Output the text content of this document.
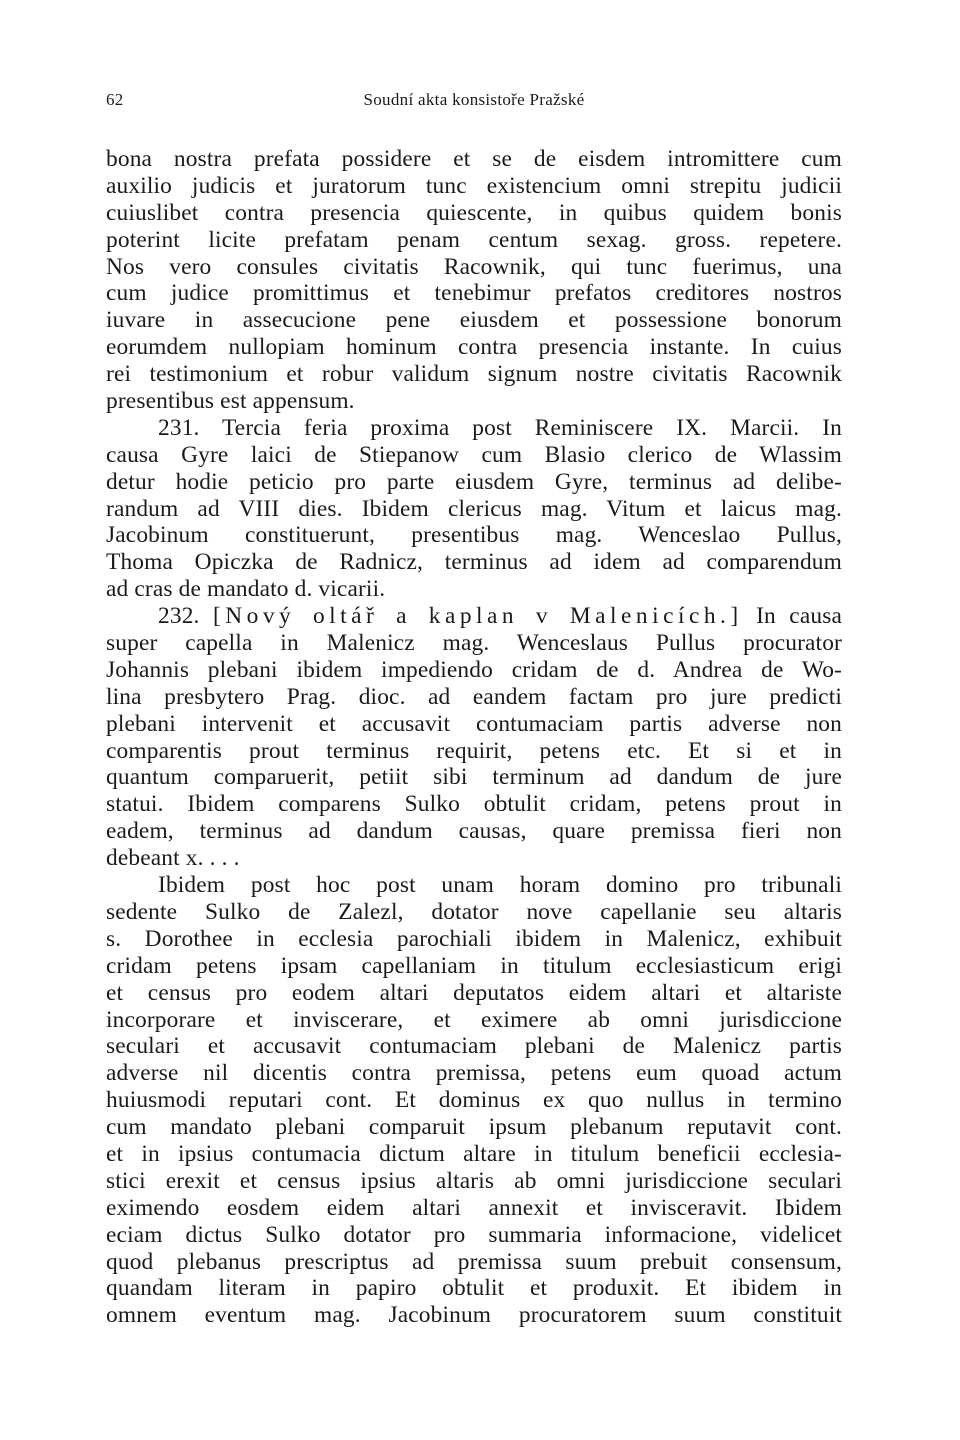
62	Soudní akta konsistoře Pražské
bona nostra prefata possidere et se de eisdem intromittere cum
auxilio judicis et juratorum tunc existencium omni strepitu judicii
cuiuslibet contra presencia quiescente, in quibus quidem bonis
poterint licite prefatam penam centum sexag. gross. repetere.
Nos vero consules civitatis Racownik, qui tunc fuerimus, una
cum judice promittimus et tenebimur prefatos creditores nostros
iuvare in assecucione pene eiusdem et possessione bonorum
eorumdem nullopiam hominum contra presencia instante. In cuius
rei testimonium et robur validum signum nostre civitatis Racownik
presentibus est appensum.
231. Tercia feria proxima post Reminiscere IX. Marcii. In
causa Gyre laici de Stiepanow cum Blasio clerico de Wlassim
detur hodie peticio pro parte eiusdem Gyre, terminus ad delibe-
randum ad VIII dies. Ibidem clericus mag. Vitum et laicus mag.
Jacobinum constituerunt, presentibus mag. Wenceslao Pullus,
Thoma Opiczka de Radnicz, terminus ad idem ad comparendum
ad cras de mandato d. vicarii.
232. [Nový oltář a kaplan v Malenicích.] In causa
super capella in Malenicz mag. Wenceslaus Pullus procurator
Johannis plebani ibidem impediendo cridam de d. Andrea de Wo-
lina presbytero Prag. dioc. ad eandem factam pro jure predicti
plebani intervenit et accusavit contumaciam partis adverse non
comparentis prout terminus requirit, petens etc. Et si et in
quantum comparuerit, petiit sibi terminum ad dandum de jure
statui. Ibidem comparens Sulko obtulit cridam, petens prout in
eadem, terminus ad dandum causas, quare premissa fieri non
debeant x. . . .
Ibidem post hoc post unam horam domino pro tribunali
sedente Sulko de Zalezl, dotator nove capellanie seu altaris
s. Dorothee in ecclesia parochiali ibidem in Malenicz, exhibuit
cridam petens ipsam capellaniam in titulum ecclesiasticum erigi
et census pro eodem altari deputatos eidem altari et altariste
incorporare et inviscerare, et eximere ab omni jurisdiccione
seculari et accusavit contumaciam plebani de Malenicz partis
adverse nil dicentis contra premissa, petens eum quoad actum
huiusmodi reputari cont. Et dominus ex quo nullus in termino
cum mandato plebani comparuit ipsum plebanum reputavit cont.
et in ipsius contumacia dictum altare in titulum beneficii ecclesia-
stici erexit et census ipsius altaris ab omni jurisdiccione seculari
eximendo eosdem eidem altari annexit et invisceravit. Ibidem
eciam dictus Sulko dotator pro summaria informacione, videlicet
quod plebanus prescriptus ad premissa suum prebuit consensum,
quandam literam in papiro obtulit et produxit. Et ibidem in
omnem eventum mag. Jacobinum procuratorem suum constituit
